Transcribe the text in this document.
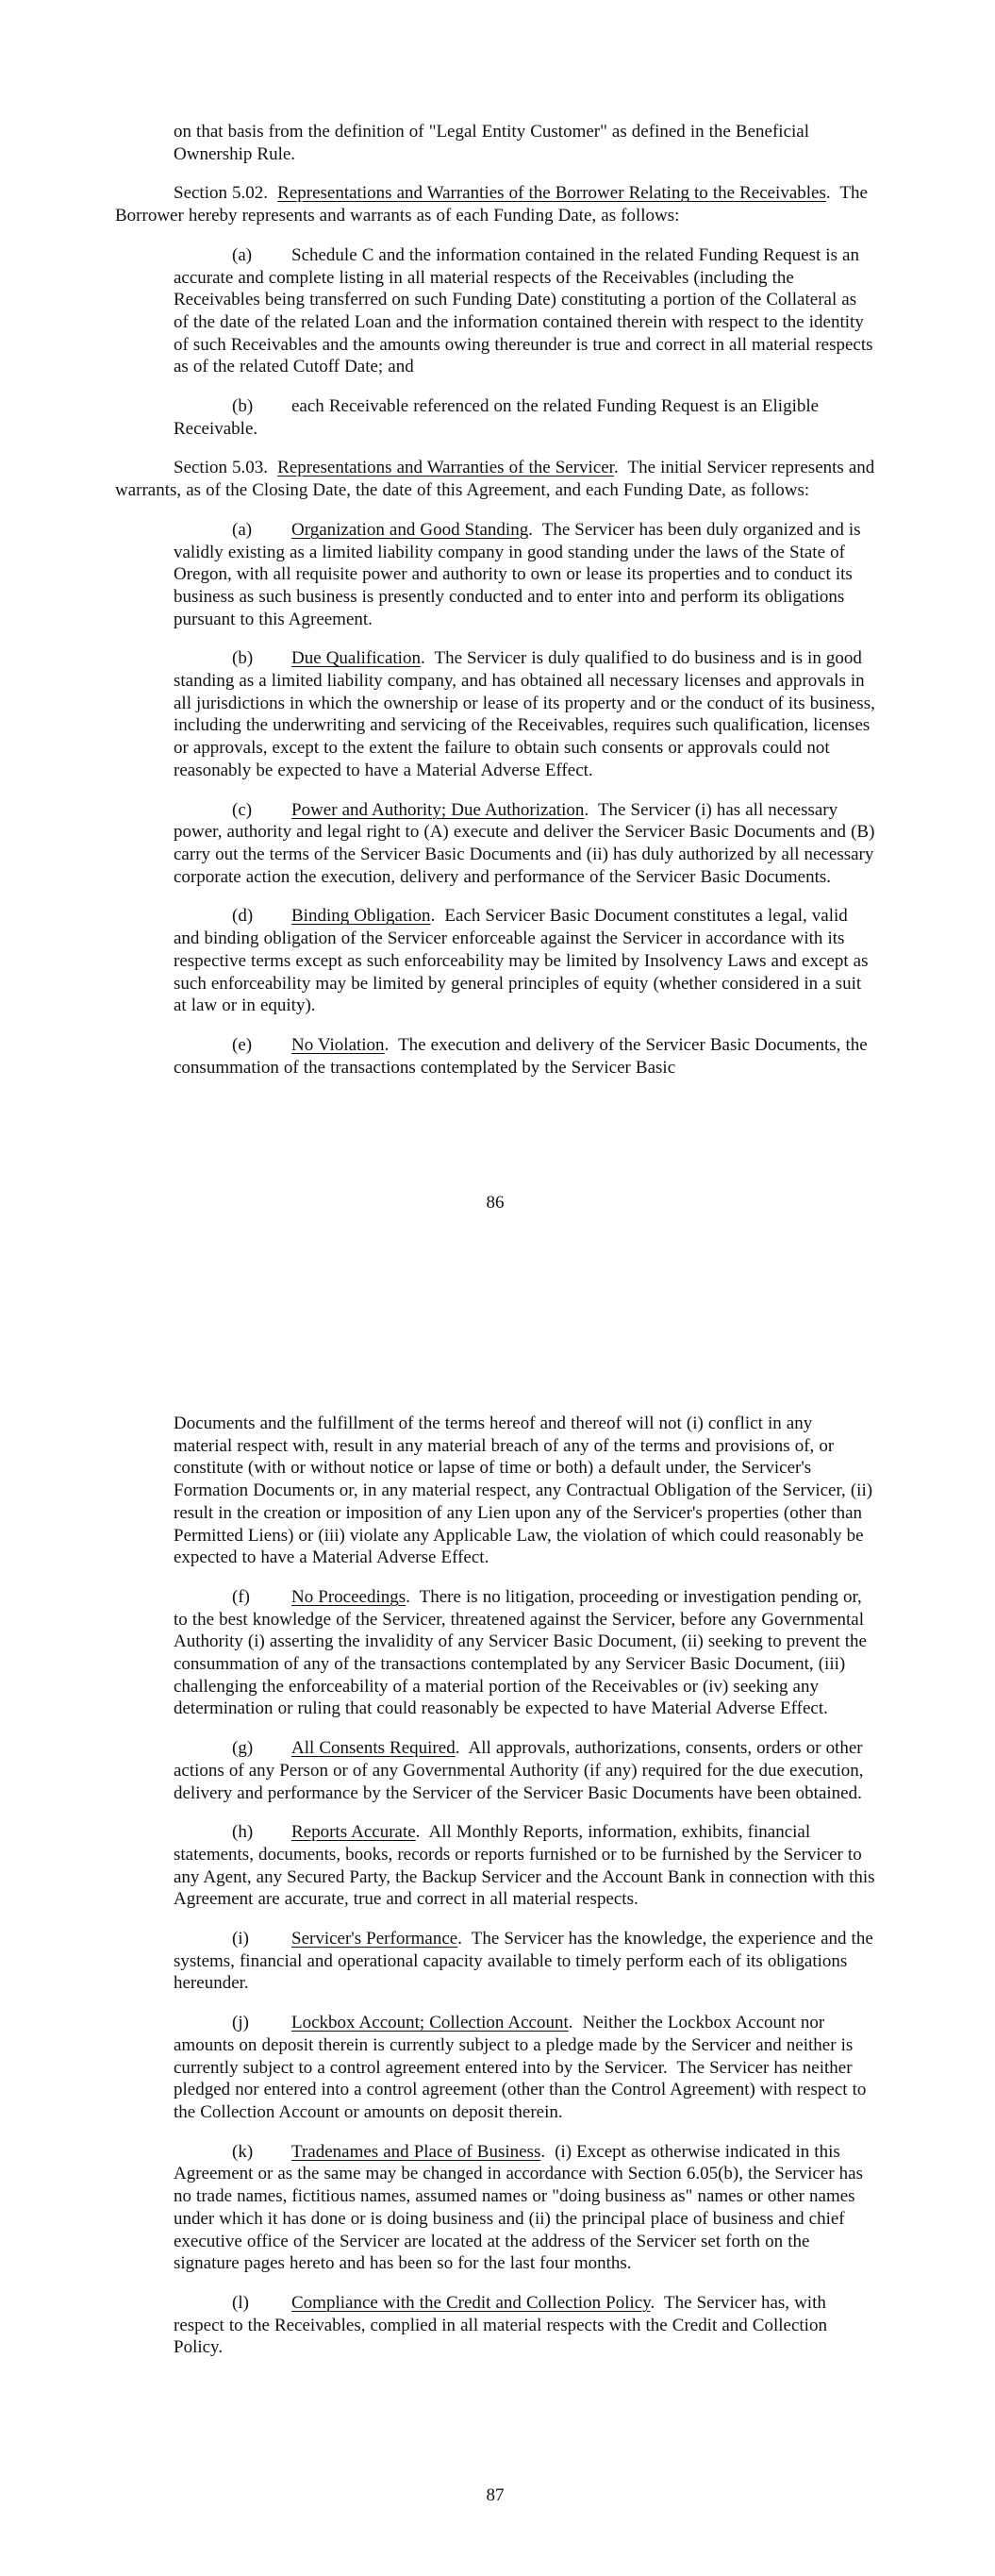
on that basis from the definition of "Legal Entity Customer" as defined in the Beneficial Ownership Rule.

Section 5.02.  Representations and Warranties of the Borrower Relating to the Receivables.  The Borrower hereby represents and warrants as of each Funding Date, as follows:

(a) Schedule C and the information contained in the related Funding Request is an accurate and complete listing in all material respects of the Receivables (including the Receivables being transferred on such Funding Date) constituting a portion of the Collateral as of the date of the related Loan and the information contained therein with respect to the identity of such Receivables and the amounts owing thereunder is true and correct in all material respects as of the related Cutoff Date; and

(b) each Receivable referenced on the related Funding Request is an Eligible Receivable.

Section 5.03.  Representations and Warranties of the Servicer.  The initial Servicer represents and warrants, as of the Closing Date, the date of this Agreement, and each Funding Date, as follows:

(a) Organization and Good Standing.  The Servicer has been duly organized and is validly existing as a limited liability company in good standing under the laws of the State of Oregon, with all requisite power and authority to own or lease its properties and to conduct its business as such business is presently conducted and to enter into and perform its obligations pursuant to this Agreement.

(b) Due Qualification.  The Servicer is duly qualified to do business and is in good standing as a limited liability company, and has obtained all necessary licenses and approvals in all jurisdictions in which the ownership or lease of its property and or the conduct of its business, including the underwriting and servicing of the Receivables, requires such qualification, licenses or approvals, except to the extent the failure to obtain such consents or approvals could not reasonably be expected to have a Material Adverse Effect.

(c) Power and Authority; Due Authorization.  The Servicer (i) has all necessary power, authority and legal right to (A) execute and deliver the Servicer Basic Documents and (B) carry out the terms of the Servicer Basic Documents and (ii) has duly authorized by all necessary corporate action the execution, delivery and performance of the Servicer Basic Documents.

(d) Binding Obligation.  Each Servicer Basic Document constitutes a legal, valid and binding obligation of the Servicer enforceable against the Servicer in accordance with its respective terms except as such enforceability may be limited by Insolvency Laws and except as such enforceability may be limited by general principles of equity (whether considered in a suit at law or in equity).

(e) No Violation.  The execution and delivery of the Servicer Basic Documents, the consummation of the transactions contemplated by the Servicer Basic

86

Documents and the fulfillment of the terms hereof and thereof will not (i) conflict in any material respect with, result in any material breach of any of the terms and provisions of, or constitute (with or without notice or lapse of time or both) a default under, the Servicer's Formation Documents or, in any material respect, any Contractual Obligation of the Servicer, (ii) result in the creation or imposition of any Lien upon any of the Servicer's properties (other than Permitted Liens) or (iii) violate any Applicable Law, the violation of which could reasonably be expected to have a Material Adverse Effect.

(f) No Proceedings.  There is no litigation, proceeding or investigation pending or, to the best knowledge of the Servicer, threatened against the Servicer, before any Governmental Authority (i) asserting the invalidity of any Servicer Basic Document, (ii) seeking to prevent the consummation of any of the transactions contemplated by any Servicer Basic Document, (iii) challenging the enforceability of a material portion of the Receivables or (iv) seeking any determination or ruling that could reasonably be expected to have Material Adverse Effect.

(g) All Consents Required.  All approvals, authorizations, consents, orders or other actions of any Person or of any Governmental Authority (if any) required for the due execution, delivery and performance by the Servicer of the Servicer Basic Documents have been obtained.

(h) Reports Accurate.  All Monthly Reports, information, exhibits, financial statements, documents, books, records or reports furnished or to be furnished by the Servicer to any Agent, any Secured Party, the Backup Servicer and the Account Bank in connection with this Agreement are accurate, true and correct in all material respects.

(i) Servicer's Performance.  The Servicer has the knowledge, the experience and the systems, financial and operational capacity available to timely perform each of its obligations hereunder.

(j) Lockbox Account; Collection Account.  Neither the Lockbox Account nor amounts on deposit therein is currently subject to a pledge made by the Servicer and neither is currently subject to a control agreement entered into by the Servicer.  The Servicer has neither pledged nor entered into a control agreement (other than the Control Agreement) with respect to the Collection Account or amounts on deposit therein.

(k) Tradenames and Place of Business.  (i) Except as otherwise indicated in this Agreement or as the same may be changed in accordance with Section 6.05(b), the Servicer has no trade names, fictitious names, assumed names or "doing business as" names or other names under which it has done or is doing business and (ii) the principal place of business and chief executive office of the Servicer are located at the address of the Servicer set forth on the signature pages hereto and has been so for the last four months.

(l) Compliance with the Credit and Collection Policy.  The Servicer has, with respect to the Receivables, complied in all material respects with the Credit and Collection Policy.

87
